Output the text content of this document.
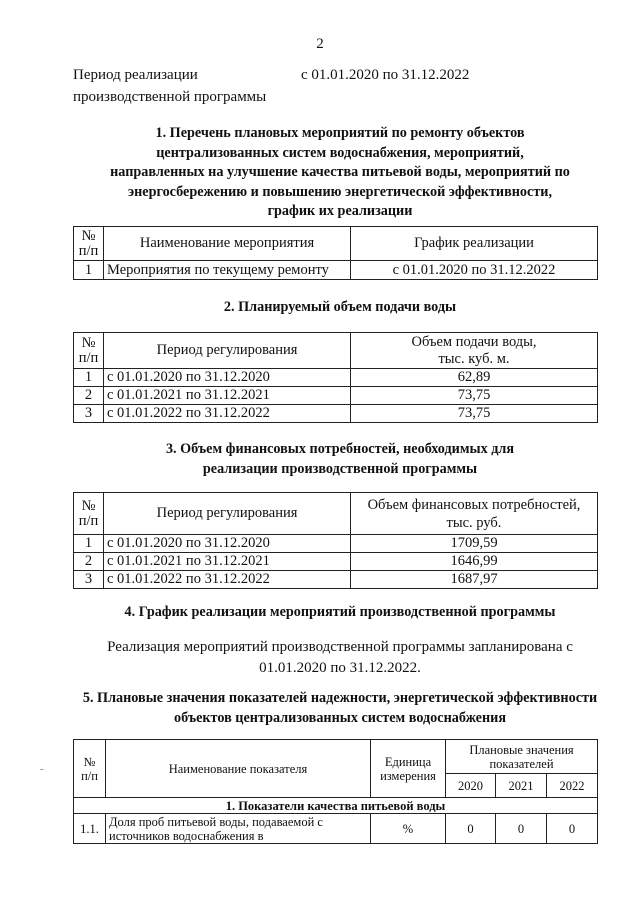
2
Период реализации производственной программы
с 01.01.2020 по 31.12.2022
1. Перечень плановых мероприятий по ремонту объектов централизованных систем водоснабжения, мероприятий, направленных на улучшение качества питьевой воды, мероприятий по энергосбережению и повышению энергетической эффективности, график их реализации
№ п/п	Наименование мероприятия	График реализации
1	Мероприятия по текущему ремонту	с 01.01.2020 по 31.12.2022
2. Планируемый объем подачи воды
№ п/п	Период регулирования	Объем подачи воды, тыс. куб. м.
1	с 01.01.2020 по 31.12.2020	62,89
2	с 01.01.2021 по 31.12.2021	73,75
3	с 01.01.2022 по 31.12.2022	73,75
3. Объем финансовых потребностей, необходимых для реализации производственной программы
№ п/п	Период регулирования	Объем финансовых потребностей, тыс. руб.
1	с 01.01.2020 по 31.12.2020	1709,59
2	с 01.01.2021 по 31.12.2021	1646,99
3	с 01.01.2022 по 31.12.2022	1687,97
4. График реализации мероприятий производственной программы
Реализация мероприятий производственной программы запланирована с 01.01.2020 по 31.12.2022.
5. Плановые значения показателей надежности, энергетической эффективности объектов централизованных систем водоснабжения
-
№ п/п	Наименование показателя	Единица измерения	Плановые значения показателей		
			2020	2021	2022
1. Показатели качества питьевой воды					
1.1.	Доля проб питьевой воды, подаваемой с источников водоснабжения в	%	0	0	0
